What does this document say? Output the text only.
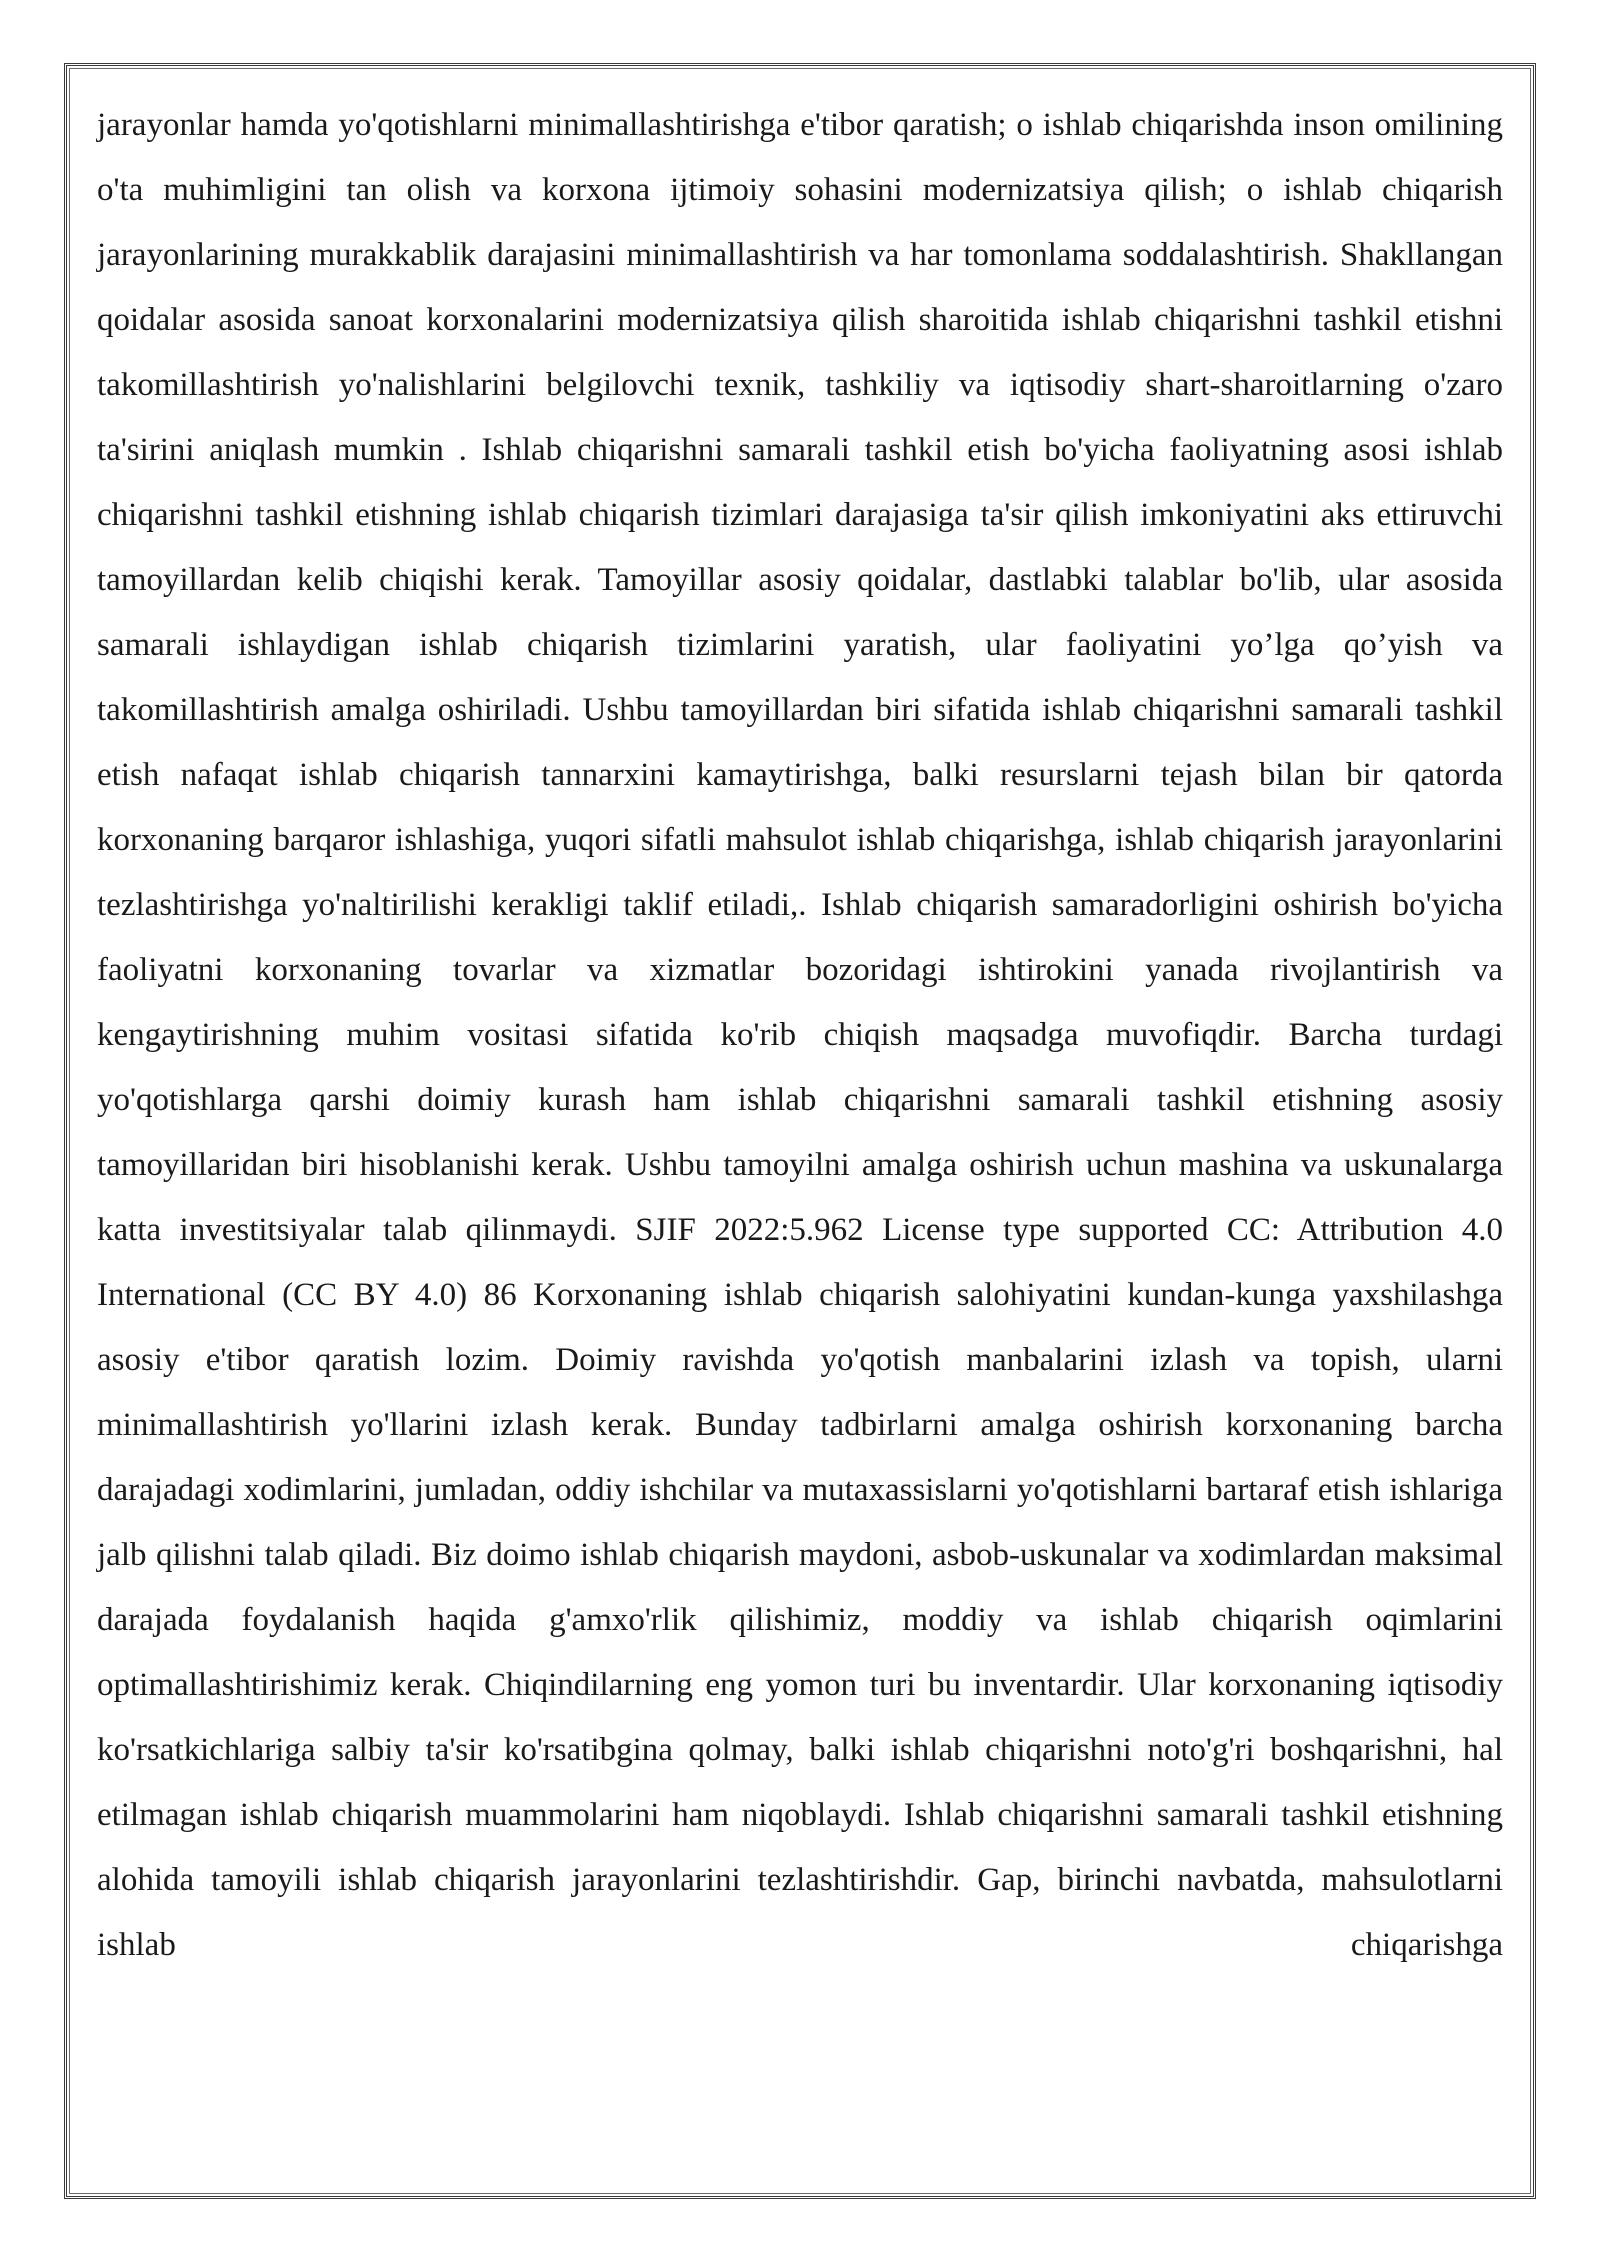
jarayonlar hamda yo'qotishlarni minimallashtirishga e'tibor qaratish; o ishlab chiqarishda inson omilining o'ta muhimligini tan olish va korxona ijtimoiy sohasini modernizatsiya qilish; o ishlab chiqarish jarayonlarining murakkablik darajasini minimallashtirish va har tomonlama soddalashtirish. Shakllangan qoidalar asosida sanoat korxonalarini modernizatsiya qilish sharoitida ishlab chiqarishni tashkil etishni takomillashtirish yo'nalishlarini belgilovchi texnik, tashkiliy va iqtisodiy shart-sharoitlarning o'zaro ta'sirini aniqlash mumkin . Ishlab chiqarishni samarali tashkil etish bo'yicha faoliyatning asosi ishlab chiqarishni tashkil etishning ishlab chiqarish tizimlari darajasiga ta'sir qilish imkoniyatini aks ettiruvchi tamoyillardan kelib chiqishi kerak. Tamoyillar asosiy qoidalar, dastlabki talablar bo'lib, ular asosida samarali ishlaydigan ishlab chiqarish tizimlarini yaratish, ular faoliyatini yo’lga qo’yish va takomillashtirish amalga oshiriladi. Ushbu tamoyillardan biri sifatida ishlab chiqarishni samarali tashkil etish nafaqat ishlab chiqarish tannarxini kamaytirishga, balki resurslarni tejash bilan bir qatorda korxonaning barqaror ishlashiga, yuqori sifatli mahsulot ishlab chiqarishga, ishlab chiqarish jarayonlarini tezlashtirishga yo'naltirilishi kerakligi taklif etiladi,. Ishlab chiqarish samaradorligini oshirish bo'yicha faoliyatni korxonaning tovarlar va xizmatlar bozoridagi ishtirokini yanada rivojlantirish va kengaytirishning muhim vositasi sifatida ko'rib chiqish maqsadga muvofiqdir. Barcha turdagi yo'qotishlarga qarshi doimiy kurash ham ishlab chiqarishni samarali tashkil etishning asosiy tamoyillaridan biri hisoblanishi kerak. Ushbu tamoyilni amalga oshirish uchun mashina va uskunalarga katta investitsiyalar talab qilinmaydi. SJIF 2022:5.962 License type supported CC: Attribution 4.0 International (CC BY 4.0) 86 Korxonaning ishlab chiqarish salohiyatini kundan-kunga yaxshilashga asosiy e'tibor qaratish lozim. Doimiy ravishda yo'qotish manbalarini izlash va topish, ularni minimallashtirish yo'llarini izlash kerak. Bunday tadbirlarni amalga oshirish korxonaning barcha darajadagi xodimlarini, jumladan, oddiy ishchilar va mutaxassislarni yo'qotishlarni bartaraf etish ishlariga jalb qilishni talab qiladi. Biz doimo ishlab chiqarish maydoni, asbob-uskunalar va xodimlardan maksimal darajada foydalanish haqida g'amxo'rlik qilishimiz, moddiy va ishlab chiqarish oqimlarini optimallashtirishimiz kerak. Chiqindilarning eng yomon turi bu inventardir. Ular korxonaning iqtisodiy ko'rsatkichlariga salbiy ta'sir ko'rsatibgina qolmay, balki ishlab chiqarishni noto'g'ri boshqarishni, hal etilmagan ishlab chiqarish muammolarini ham niqoblaydi. Ishlab chiqarishni samarali tashkil etishning alohida tamoyili ishlab chiqarish jarayonlarini tezlashtirishdir. Gap, birinchi navbatda, mahsulotlarni ishlab chiqarishga
